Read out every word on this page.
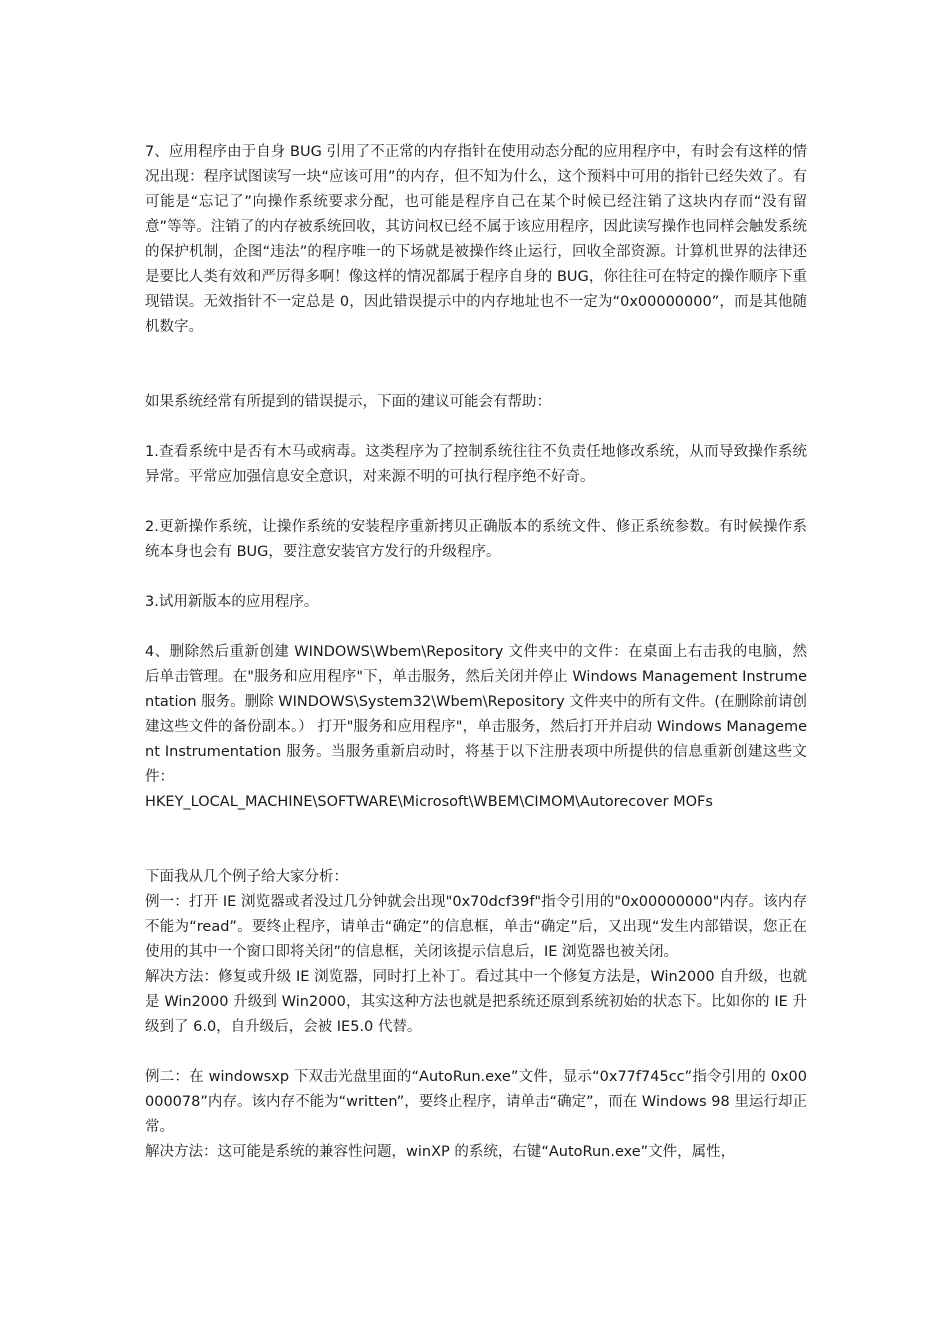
7、应用程序由于自身 BUG 引用了不正常的内存指针在使用动态分配的应用程序中，有时会有这样的情况出现：程序试图读写一块“应该可用”的内存，但不知为什么，这个预料中可用的指针已经失效了。有可能是“忘记了”向操作系统要求分配，也可能是程序自己在某个时候已经注销了这块内存而“没有留意”等等。注销了的内存被系统回收，其访问权已经不属于该应用程序，因此读写操作也同样会触发系统的保护机制，企图“违法”的程序唯一的下场就是被操作终止运行，回收全部资源。计算机世界的法律还是要比人类有效和严厉得多啊！像这样的情况都属于程序自身的 BUG，你往往可在特定的操作顺序下重现错误。无效指针不一定总是 0，因此错误提示中的内存地址也不一定为“0x00000000”，而是其他随机数字。

如果系统经常有所提到的错误提示，下面的建议可能会有帮助：

1.查看系统中是否有木马或病毒。这类程序为了控制系统往往不负责任地修改系统，从而导致操作系统异常。平常应加强信息安全意识，对来源不明的可执行程序绝不好奇。

2.更新操作系统，让操作系统的安装程序重新拷贝正确版本的系统文件、修正系统参数。有时候操作系统本身也会有 BUG，要注意安装官方发行的升级程序。

3.试用新版本的应用程序。

4、删除然后重新创建 WINDOWS\Wbem\Repository 文件夹中的文件：在桌面上右击我的电脑，然后单击管理。在"服务和应用程序"下，单击服务，然后关闭并停止 Windows Management Instrumentation 服务。删除 WINDOWS\System32\Wbem\Repository 文件夹中的所有文件。(在删除前请创建这些文件的备份副本。） 打开"服务和应用程序"，单击服务，然后打开并启动 Windows Management Instrumentation 服务。当服务重新启动时，将基于以下注册表项中所提供的信息重新创建这些文件：

HKEY_LOCAL_MACHINE\SOFTWARE\Microsoft\WBEM\CIMOM\Autorecover MOFs

下面我从几个例子给大家分析：

例一：打开 IE 浏览器或者没过几分钟就会出现"0x70dcf39f"指令引用的"0x00000000"内存。该内存不能为“read”。要终止程序，请单击“确定”的信息框，单击“确定”后，又出现“发生内部错误，您正在使用的其中一个窗口即将关闭”的信息框，关闭该提示信息后，IE 浏览器也被关闭。

解决方法：修复或升级 IE 浏览器，同时打上补丁。看过其中一个修复方法是，Win2000 自升级，也就是 Win2000 升级到 Win2000，其实这种方法也就是把系统还原到系统初始的状态下。比如你的 IE 升级到了 6.0，自升级后，会被 IE5.0 代替。

例二：在 windowsxp 下双击光盘里面的“AutoRun.exe”文件，显示“0x77f745cc”指令引用的 0x00000078”内存。该内存不能为“written”，要终止程序，请单击“确定”，而在 Windows 98 里运行却正常。

解决方法：这可能是系统的兼容性问题，winXP 的系统，右键“AutoRun.exe”文件，属性，
